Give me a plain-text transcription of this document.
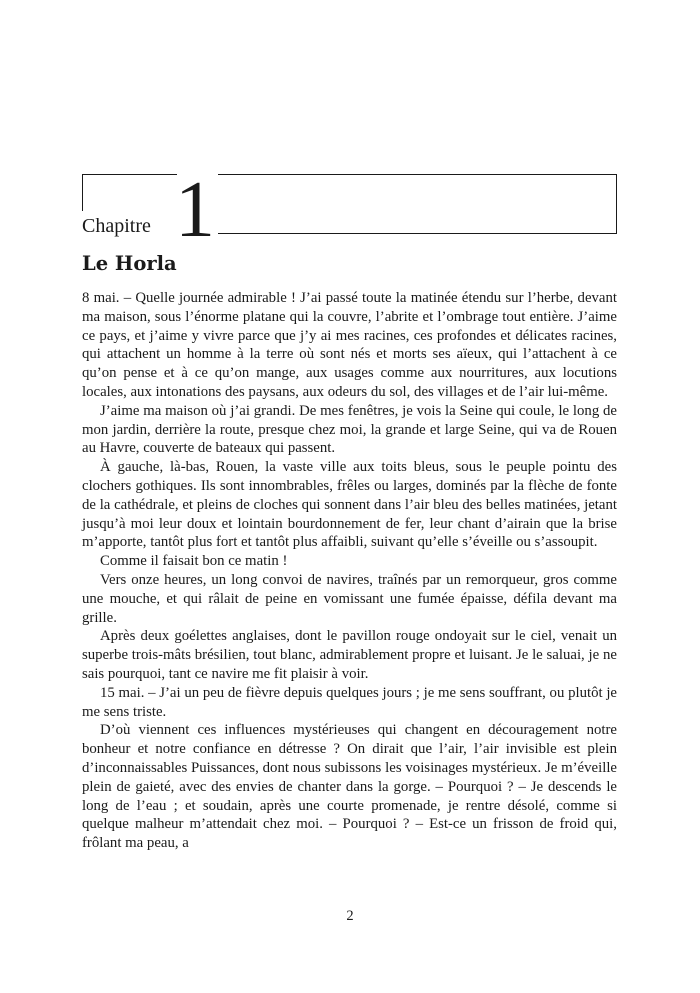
Chapitre 1
Le Horla

8 mai. – Quelle journée admirable ! J’ai passé toute la matinée étendu sur l’herbe, devant ma maison, sous l’énorme platane qui la couvre, l’abrite et l’ombrage tout entière. J’aime ce pays, et j’aime y vivre parce que j’y ai mes racines, ces profondes et délicates racines, qui attachent un homme à la terre où sont nés et morts ses aïeux, qui l’attachent à ce qu’on pense et à ce qu’on mange, aux usages comme aux nourritures, aux locutions locales, aux intonations des paysans, aux odeurs du sol, des villages et de l’air lui-même.

J’aime ma maison où j’ai grandi. De mes fenêtres, je vois la Seine qui coule, le long de mon jardin, derrière la route, presque chez moi, la grande et large Seine, qui va de Rouen au Havre, couverte de bateaux qui passent.

À gauche, là-bas, Rouen, la vaste ville aux toits bleus, sous le peuple pointu des clochers gothiques. Ils sont innombrables, frêles ou larges, dominés par la flèche de fonte de la cathédrale, et pleins de cloches qui sonnent dans l’air bleu des belles matinées, jetant jusqu’à moi leur doux et lointain bourdonnement de fer, leur chant d’airain que la brise m’apporte, tantôt plus fort et tantôt plus affaibli, suivant qu’elle s’éveille ou s’assoupit.

Comme il faisait bon ce matin !

Vers onze heures, un long convoi de navires, traînés par un remorqueur, gros comme une mouche, et qui râlait de peine en vomissant une fumée épaisse, défila devant ma grille.

Après deux goélettes anglaises, dont le pavillon rouge ondoyait sur le ciel, venait un superbe trois-mâts brésilien, tout blanc, admirablement propre et luisant. Je le saluai, je ne sais pourquoi, tant ce navire me fit plaisir à voir.

15 mai. – J’ai un peu de fièvre depuis quelques jours ; je me sens souffrant, ou plutôt je me sens triste.

D’où viennent ces influences mystérieuses qui changent en découragement notre bonheur et notre confiance en détresse ? On dirait que l’air, l’air invisible est plein d’inconnaissables Puissances, dont nous subissons les voisinages mystérieux. Je m’éveille plein de gaieté, avec des envies de chanter dans la gorge. – Pourquoi ? – Je descends le long de l’eau ; et soudain, après une courte promenade, je rentre désolé, comme si quelque malheur m’attendait chez moi. – Pourquoi ? – Est-ce un frisson de froid qui, frôlant ma peau, a

2
